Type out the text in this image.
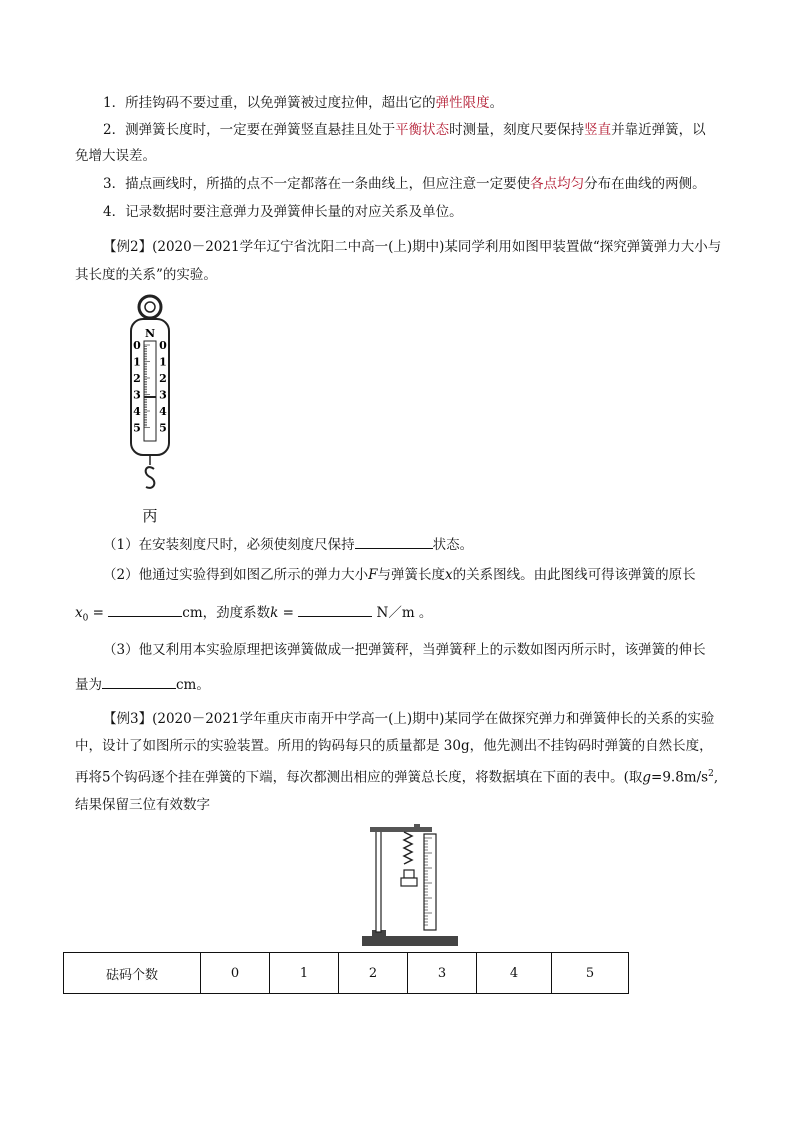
1．所挂钩码不要过重，以免弹簧被过度拉伸，超出它的弹性限度。
2．测弹簧长度时，一定要在弹簧竖直悬挂且处于平衡状态时测量，刻度尺要保持竖直并靠近弹簧，以
免增大误差。
3．描点画线时，所描的点不一定都落在一条曲线上，但应注意一定要使各点均匀分布在曲线的两侧。
4．记录数据时要注意弹力及弹簧伸长量的对应关系及单位。
【例2】(2020－2021学年辽宁省沈阳二中高一(上)期中)某同学利用如图甲装置做“探究弹簧弹力大小与
其长度的关系”的实验。
N
0 0
1 1
2 2
3 3
4 4
5 5
丙
（1）在安装刻度尺时，必须使刻度尺保持	状态。
（2）他通过实验得到如图乙所示的弹力大小F与弹簧长度x的关系图线。由此图线可得该弹簧的原长
$x_0$ =	cm，劲度系数k =	N／m 。
（3）他又利用本实验原理把该弹簧做成一把弹簧秤，当弹簧秤上的示数如图丙所示时，该弹簧的伸长
量为	cm。
【例3】(2020－2021学年重庆市南开中学高一(上)期中)某同学在做探究弹力和弹簧伸长的关系的实验
中，设计了如图所示的实验装置。所用的钩码每只的质量都是 30g，他先测出不挂钩码时弹簧的自然长度，
再将5个钩码逐个挂在弹簧的下端，每次都测出相应的弹簧总长度，将数据填在下面的表中。(取$g=9.8m/s^2$,
结果保留三位有效数字
砝码个数	0	1	2	3	4	5
